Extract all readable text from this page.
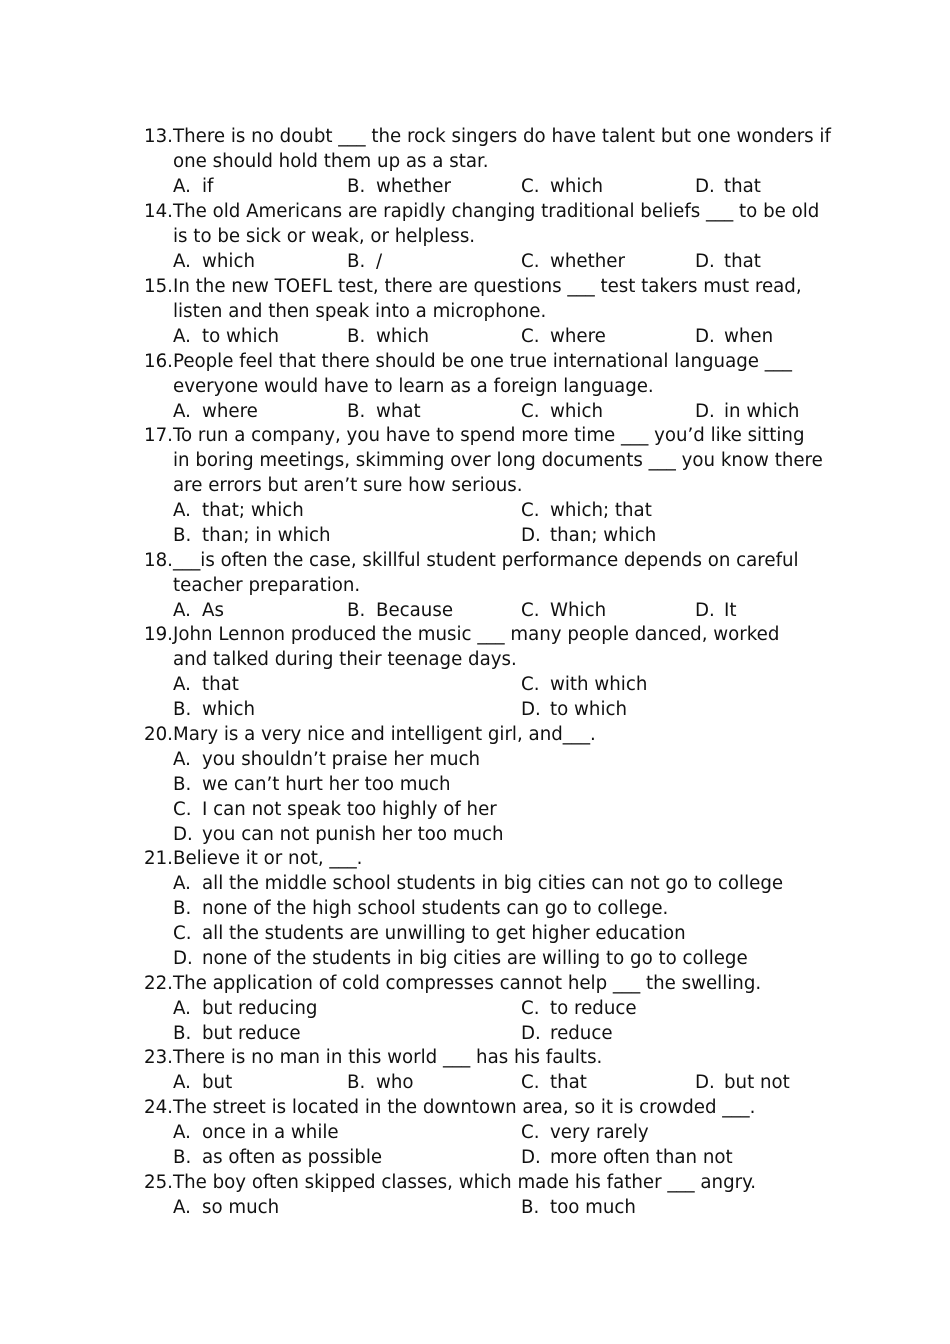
13. There is no doubt ___ the rock singers do have talent but one wonders if
one should hold them up as a star.
A. if	B. whether	C. which	D. that
14. The old Americans are rapidly changing traditional beliefs ___ to be old
is to be sick or weak, or helpless.
A. which	B. /	C. whether	D. that
15. In the new TOEFL test, there are questions ___ test takers must read,
listen and then speak into a microphone.
A. to which	B. which	C. where	D. when
16. People feel that there should be one true international language ___
everyone would have to learn as a foreign language.
A. where	B. what	C. which	D. in which
17. To run a company, you have to spend more time ___ you’d like sitting
in boring meetings, skimming over long documents ___ you know there
are errors but aren’t sure how serious.
A. that; which	C. which; that
B. than; in which	D. than; which
18. ___is often the case, skillful student performance depends on careful
teacher preparation.
A. As	B. Because	C. Which	D. It
19. John Lennon produced the music ___ many people danced, worked
and talked during their teenage days.
A. that	C. with which
B. which	D. to which
20. Mary is a very nice and intelligent girl, and___.
A. you shouldn’t praise her much
B. we can’t hurt her too much
C. I can not speak too highly of her
D. you can not punish her too much
21. Believe it or not, ___.
A. all the middle school students in big cities can not go to college
B. none of the high school students can go to college.
C. all the students are unwilling to get higher education
D. none of the students in big cities are willing to go to college
22. The application of cold compresses cannot help ___ the swelling.
A. but reducing	C. to reduce
B. but reduce	D. reduce
23. There is no man in this world ___ has his faults.
A. but	B. who	C. that	D. but not
24. The street is located in the downtown area, so it is crowded ___.
A. once in a while	C. very rarely
B. as often as possible	D. more often than not
25. The boy often skipped classes, which made his father ___ angry.
A. so much	B. too much
